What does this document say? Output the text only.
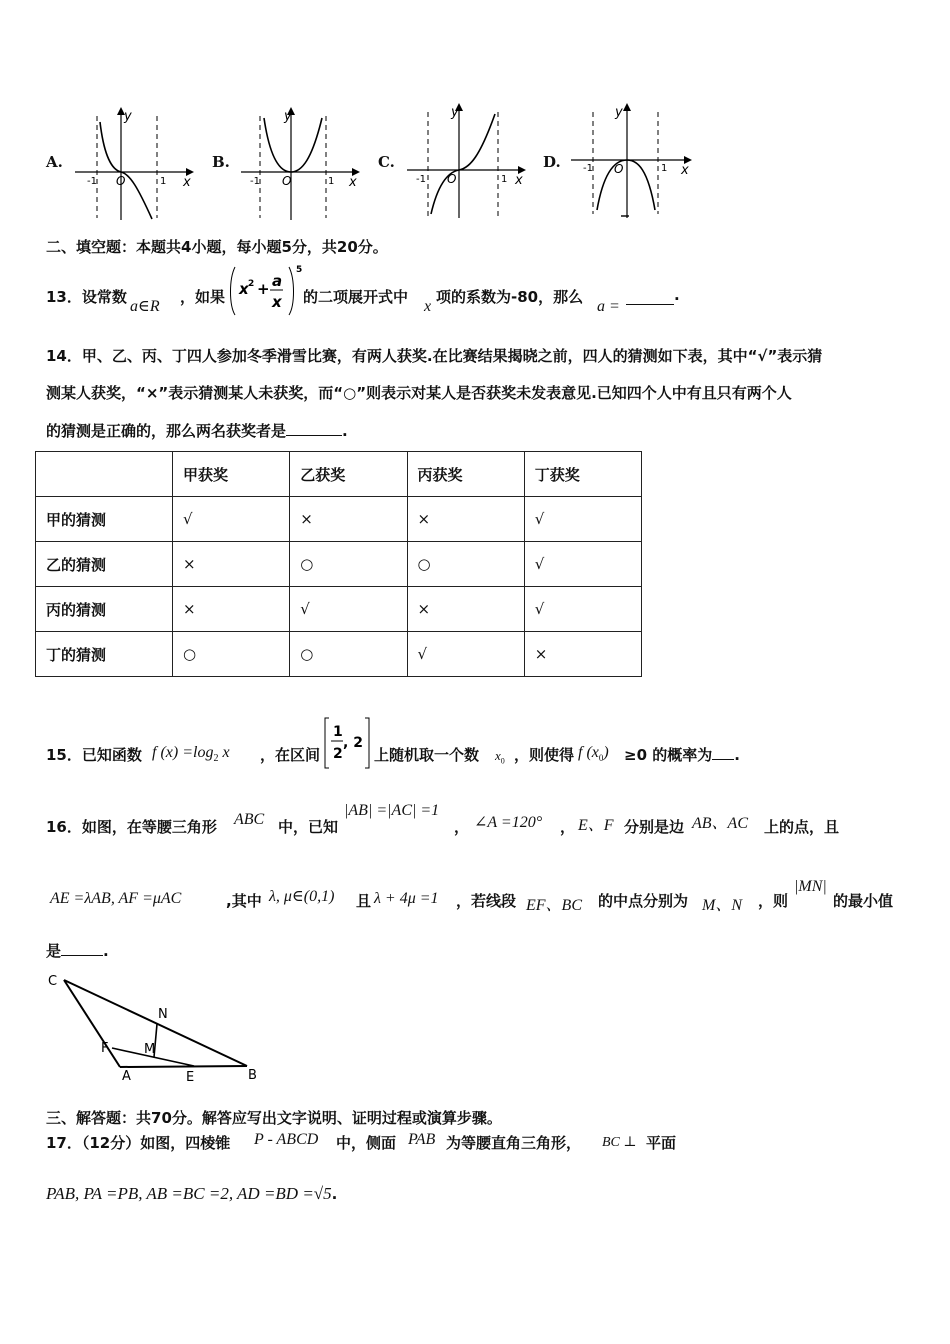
A.
-1	1
O	x
y
B.
-1	1
O	x
y
C.
-1	1
O	x
y
D. -1	1
O	x
y
二、填空题：本题共4小题，每小题5分，共20分。
13．设常数
a∈R
，如果 x 2 + a
x
5
的二项展开式中
x
项的系数为-80，那么
a =
.
14．甲、乙、丙、丁四人参加冬季滑雪比赛，有两人获奖.在比赛结果揭晓之前，四人的猜测如下表，其中“√”表示猜
测某人获奖，“×”表示猜测某人未获奖，而“○”则表示对某人是否获奖未发表意见.已知四个人中有且只有两个人
的猜测是正确的，那么两名获奖者是	.
	甲获奖	乙获奖	丙获奖	丁获奖
甲的猜测	√	×	×	√
乙的猜测	×	○	○	√
丙的猜测	×	√	×	√
丁的猜测	○	○	√	×
15．已知函数 f $(x) =\log_2$ x ，在区间
1
2
, 2
上随机取一个数 $x_0$ ，则使得 f $(x_0) \ge 0$ 的概率为 .
16．如图，在等腰三角形 ABC 中，已知
|AB| =|AC| =1
， ∠A =120° ， E、F 分别是边 AB、AC 上的点，且
AE =λAB, AF =μAC	,其中 λ, μ∈(0,1) 且 λ + 4μ =1 ，若线段 EF、BC 的中点分别为 M、N ，则
|MN|
的最小值
是	.
C
N
F	M
A	E	B
三、解答题：共70分。解答应写出文字说明、证明过程或演算步骤。
17．（12分）如图，四棱锥 P - ABCD 中，侧面 PAB 为等腰直角三角形， BC ⊥ 平面
PAB, PA =PB, AB =BC =2, AD =BD =√5.
